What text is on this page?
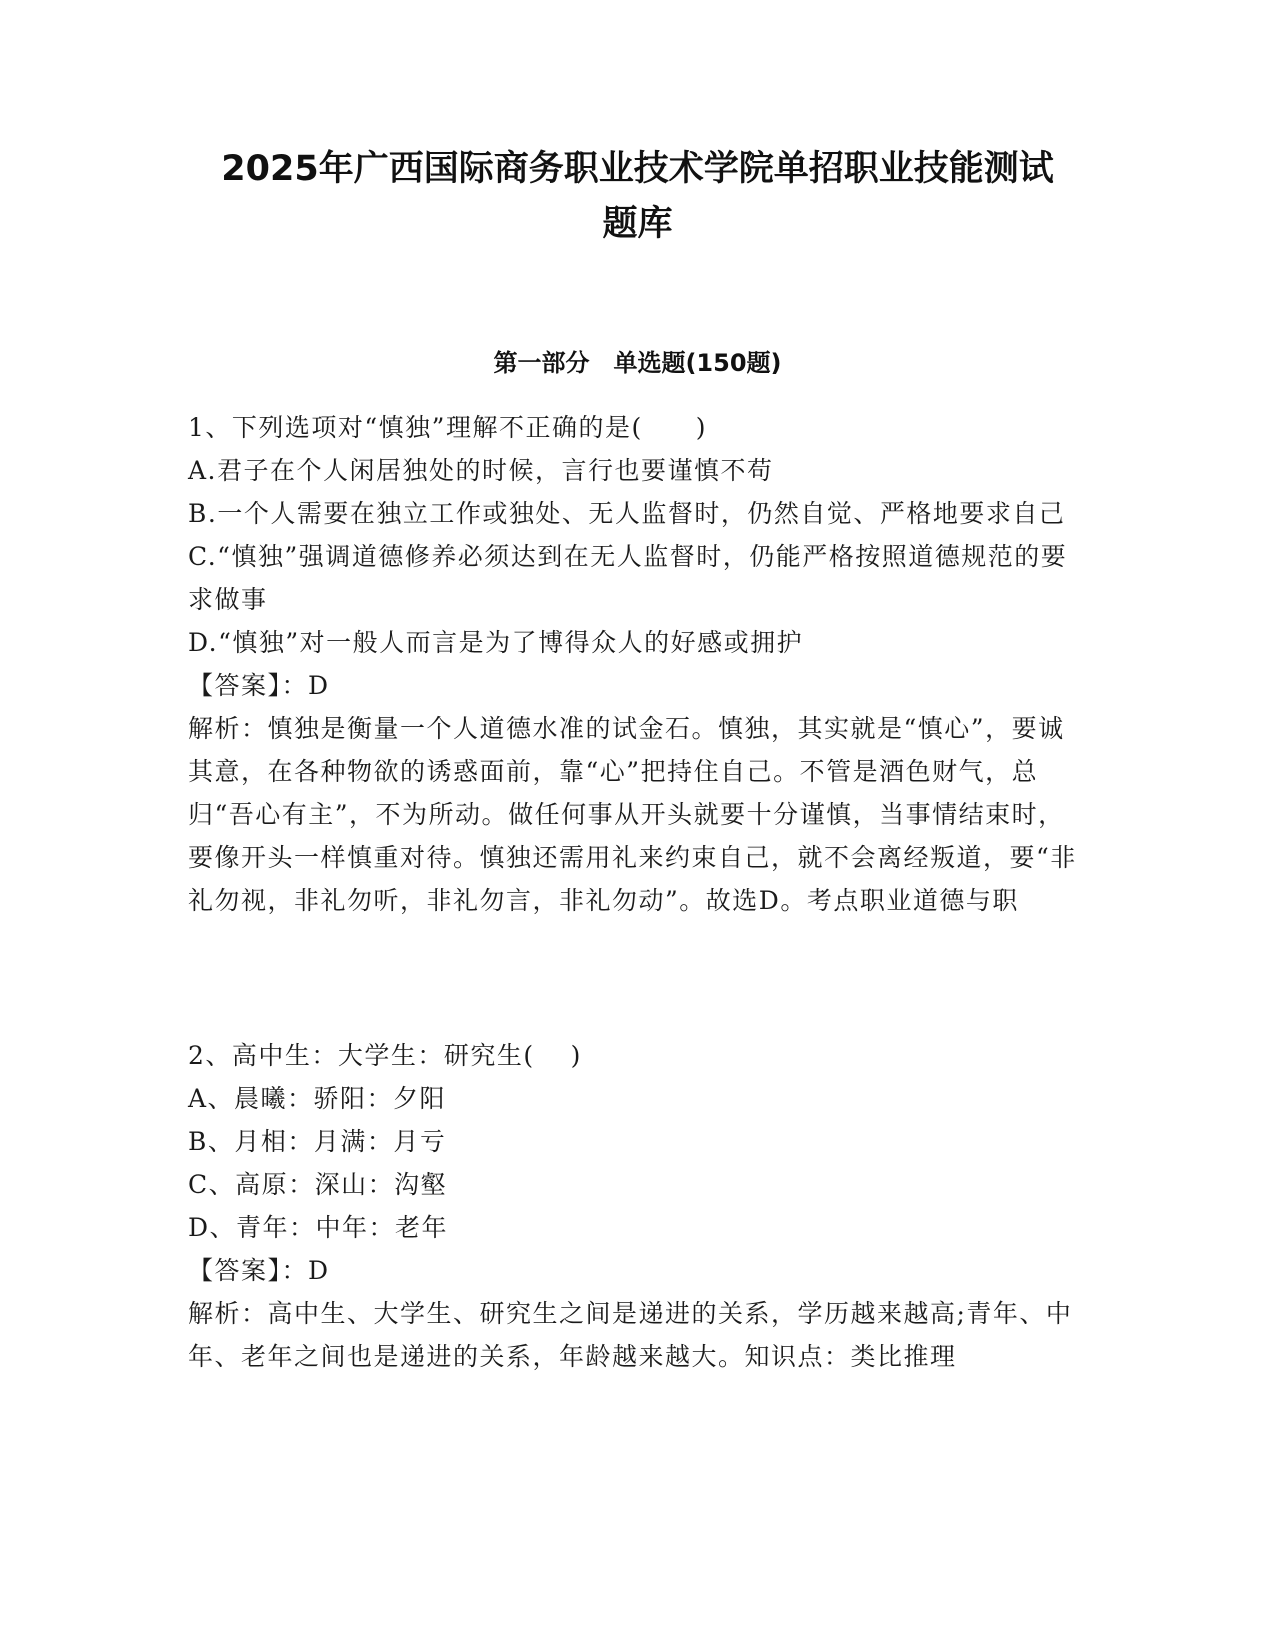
2025年广西国际商务职业技术学院单招职业技能测试
题库
第一部分　单选题(150题)
1、下列选项对“慎独”理解不正确的是(　　)
A.君子在个人闲居独处的时候，言行也要谨慎不苟
B.一个人需要在独立工作或独处、无人监督时，仍然自觉、严格地要求自己
C.“慎独”强调道德修养必须达到在无人监督时，仍能严格按照道德规范的要求做事
D.“慎独”对一般人而言是为了博得众人的好感或拥护
【答案】：D
解析：慎独是衡量一个人道德水准的试金石。慎独，其实就是“慎心”，要诚其意，在各种物欲的诱惑面前，靠“心”把持住自己。不管是酒色财气，总归“吾心有主”，不为所动。做任何事从开头就要十分谨慎，当事情结束时，要像开头一样慎重对待。慎独还需用礼来约束自己，就不会离经叛道，要“非礼勿视，非礼勿听，非礼勿言，非礼勿动”。故选D。考点职业道德与职
2、高中生：大学生：研究生(　 )
A、晨曦：骄阳：夕阳
B、月相：月满：月亏
C、高原：深山：沟壑
D、青年：中年：老年
【答案】：D
解析：高中生、大学生、研究生之间是递进的关系，学历越来越高;青年、中年、老年之间也是递进的关系，年龄越来越大。知识点：类比推理
